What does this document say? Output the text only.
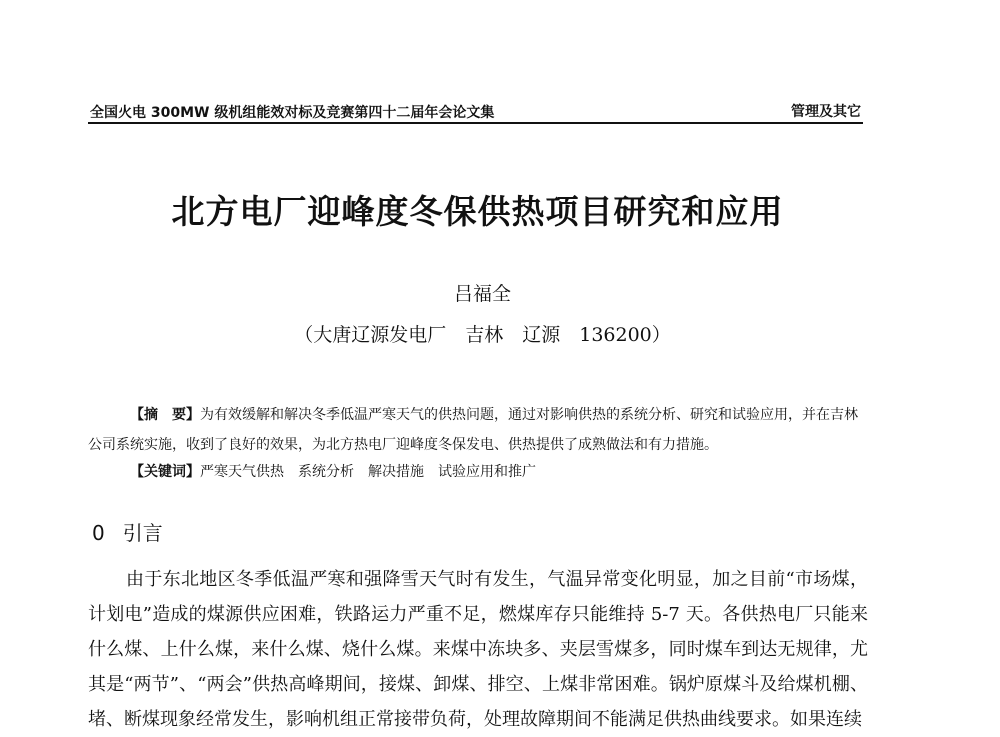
全国火电 300MW 级机组能效对标及竞赛第四十二届年会论文集	管理及其它
北方电厂迎峰度冬保供热项目研究和应用
吕福全
（大唐辽源发电厂　吉林　辽源　136200）
【摘　要】为有效缓解和解决冬季低温严寒天气的供热问题，通过对影响供热的系统分析、研究和试验应用，并在吉林公司系统实施，收到了良好的效果，为北方热电厂迎峰度冬保发电、供热提供了成熟做法和有力措施。
【关键词】严寒天气供热　系统分析　解决措施　试验应用和推广
0 引言
由于东北地区冬季低温严寒和强降雪天气时有发生，气温异常变化明显，加之目前“市场煤，计划电”造成的煤源供应困难，铁路运力严重不足，燃煤库存只能维持 5-7 天。各供热电厂只能来什么煤、上什么煤，来什么煤、烧什么煤。来煤中冻块多、夹层雪煤多，同时煤车到达无规律，尤其是“两节”、“两会”供热高峰期间，接煤、卸煤、排空、上煤非常困难。锅炉原煤斗及给煤机棚、堵、断煤现象经常发生，影响机组正常接带负荷，处理故障期间不能满足供热曲线要求。如果连续
